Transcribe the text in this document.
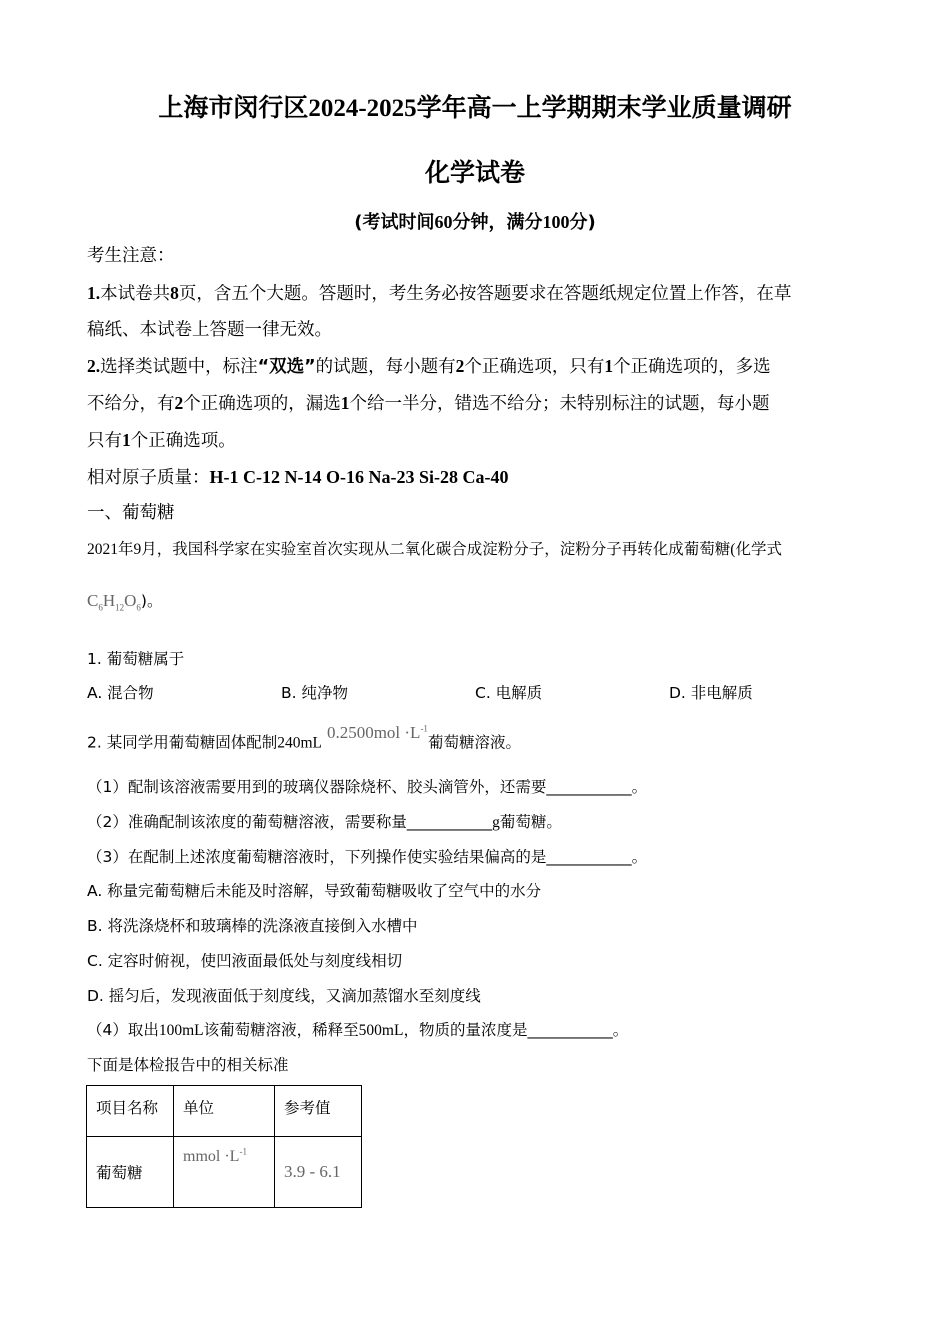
上海市闵行区2024-2025学年高一上学期期末学业质量调研
化学试卷
(考试时间60分钟，满分100分)
考生注意：
1.本试卷共8页，含五个大题。答题时，考生务必按答题要求在答题纸规定位置上作答，在草
稿纸、本试卷上答题一律无效。
2.选择类试题中，标注“双选”的试题，每小题有2个正确选项，只有1个正确选项的，多选
不给分，有2个正确选项的，漏选1个给一半分，错选不给分；未特别标注的试题，每小题
只有1个正确选项。
相对原子质量：H-1 C-12 N-14 O-16 Na-23 Si-28 Ca-40
一、葡萄糖
2021年9月，我国科学家在实验室首次实现从二氧化碳合成淀粉分子，淀粉分子再转化成葡萄糖(化学式
$C_6H_{12}O_6$)。
1. 葡萄糖属于
A. 混合物	B. 纯净物	C. 电解质	D. 非电解质
2. 某同学用葡萄糖固体配制240mL $0.2500mol \cdot L^{-1}$葡萄糖溶液。
（1）配制该溶液需要用到的玻璃仪器除烧杯、胶头滴管外，还需要___________。
（2）准确配制该浓度的葡萄糖溶液，需要称量___________g葡萄糖。
（3）在配制上述浓度葡萄糖溶液时，下列操作使实验结果偏高的是___________。
A. 称量完葡萄糖后未能及时溶解，导致葡萄糖吸收了空气中的水分
B. 将洗涤烧杯和玻璃棒的洗涤液直接倒入水槽中
C. 定容时俯视，使凹液面最低处与刻度线相切
D. 摇匀后，发现液面低于刻度线，又滴加蒸馏水至刻度线
（4）取出100mL该葡萄糖溶液，稀释至500mL，物质的量浓度是___________。
下面是体检报告中的相关标准
项目名称	单位	参考值
葡萄糖	mmol $\cdot L^{-1}$	3.9 - 6.1
